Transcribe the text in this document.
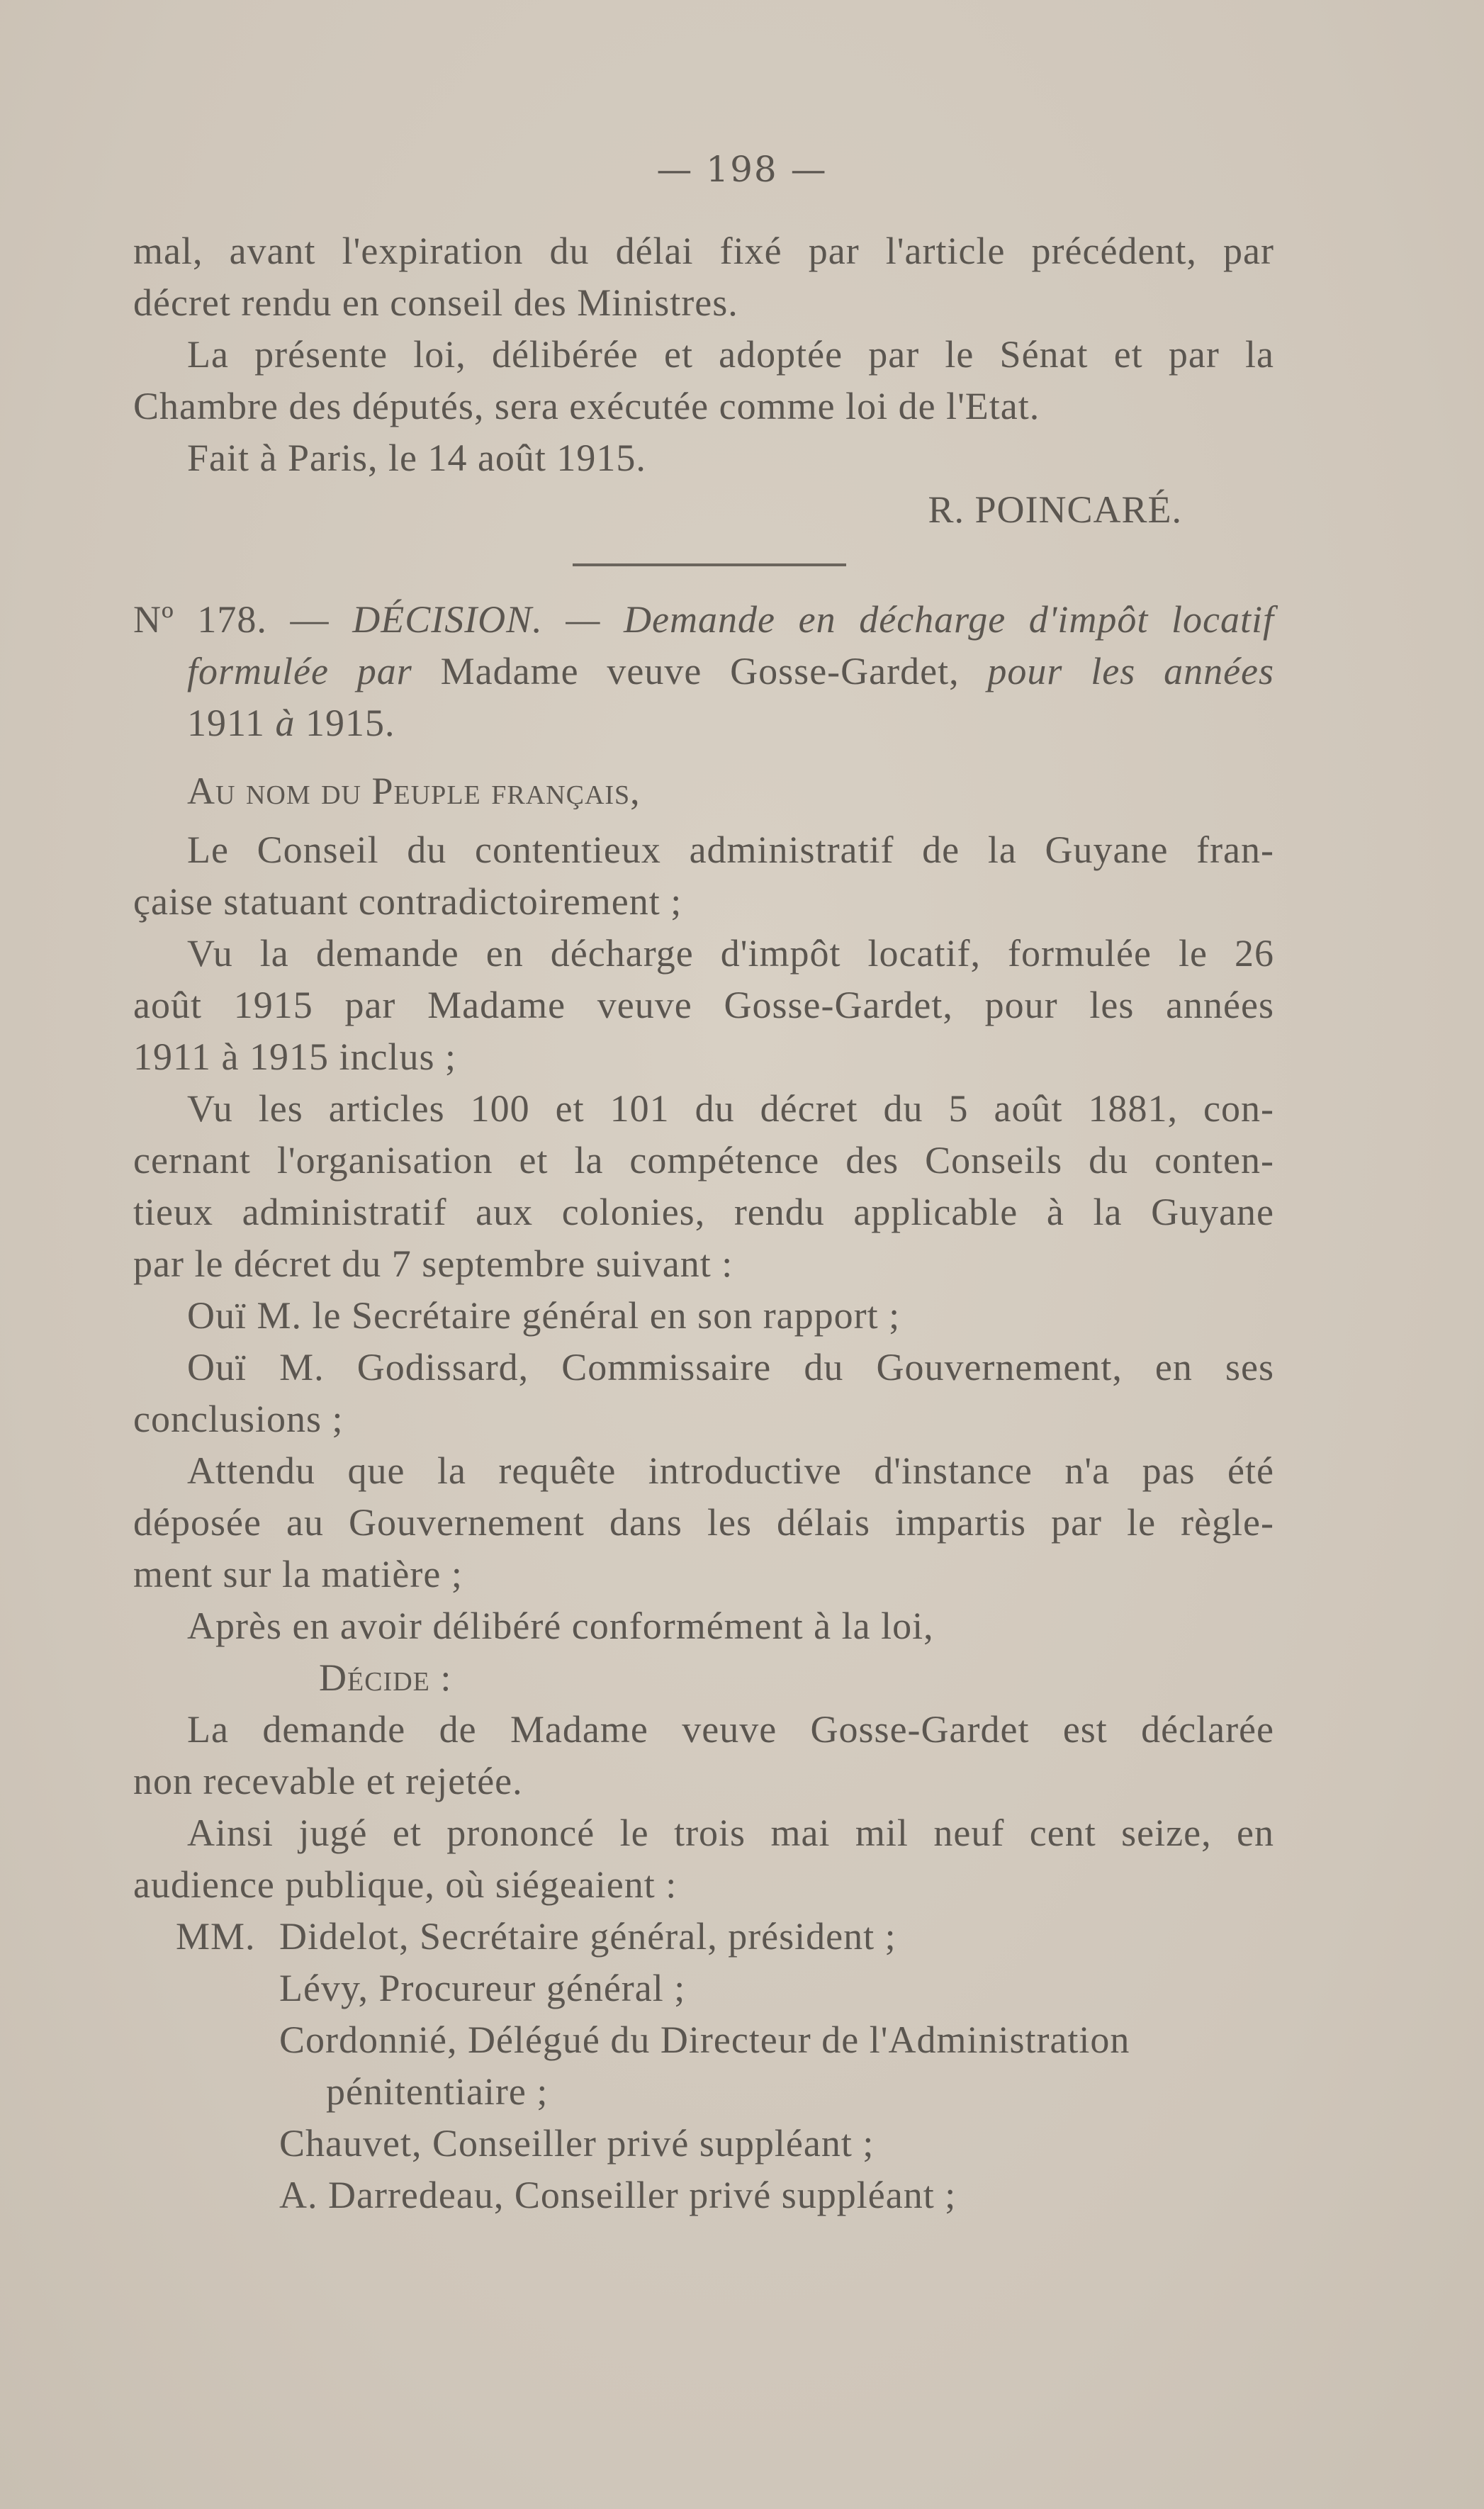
— 198 —
mal, avant l'expiration du délai fixé par l'article précédent, par
décret rendu en conseil des Ministres.
La présente loi, délibérée et adoptée par le Sénat et par la
Chambre des députés, sera exécutée comme loi de l'Etat.
Fait à Paris, le 14 août 1915.
R. POINCARÉ.
Nº 178. — DÉCISION. — Demande en décharge d'impôt locatif
formulée par Madame veuve Gosse-Gardet, pour les années
1911 à 1915.
Au nom du Peuple français,
Le Conseil du contentieux administratif de la Guyane fran-
çaise statuant contradictoirement ;
Vu la demande en décharge d'impôt locatif, formulée le 26
août 1915 par Madame veuve Gosse-Gardet, pour les années
1911 à 1915 inclus ;
Vu les articles 100 et 101 du décret du 5 août 1881, con-
cernant l'organisation et la compétence des Conseils du conten-
tieux administratif aux colonies, rendu applicable à la Guyane
par le décret du 7 septembre suivant :
Ouï M. le Secrétaire général en son rapport ;
Ouï M. Godissard, Commissaire du Gouvernement, en ses
conclusions ;
Attendu que la requête introductive d'instance n'a pas été
déposée au Gouvernement dans les délais impartis par le règle-
ment sur la matière ;
Après en avoir délibéré conformément à la loi,
Décide :
La demande de Madame veuve Gosse-Gardet est déclarée
non recevable et rejetée.
Ainsi jugé et prononcé le trois mai mil neuf cent seize, en
audience publique, où siégeaient :
MM. Didelot, Secrétaire général, président ;
Lévy, Procureur général ;
Cordonnié, Délégué du Directeur de l'Administration
pénitentiaire ;
Chauvet, Conseiller privé suppléant ;
A. Darredeau, Conseiller privé suppléant ;
